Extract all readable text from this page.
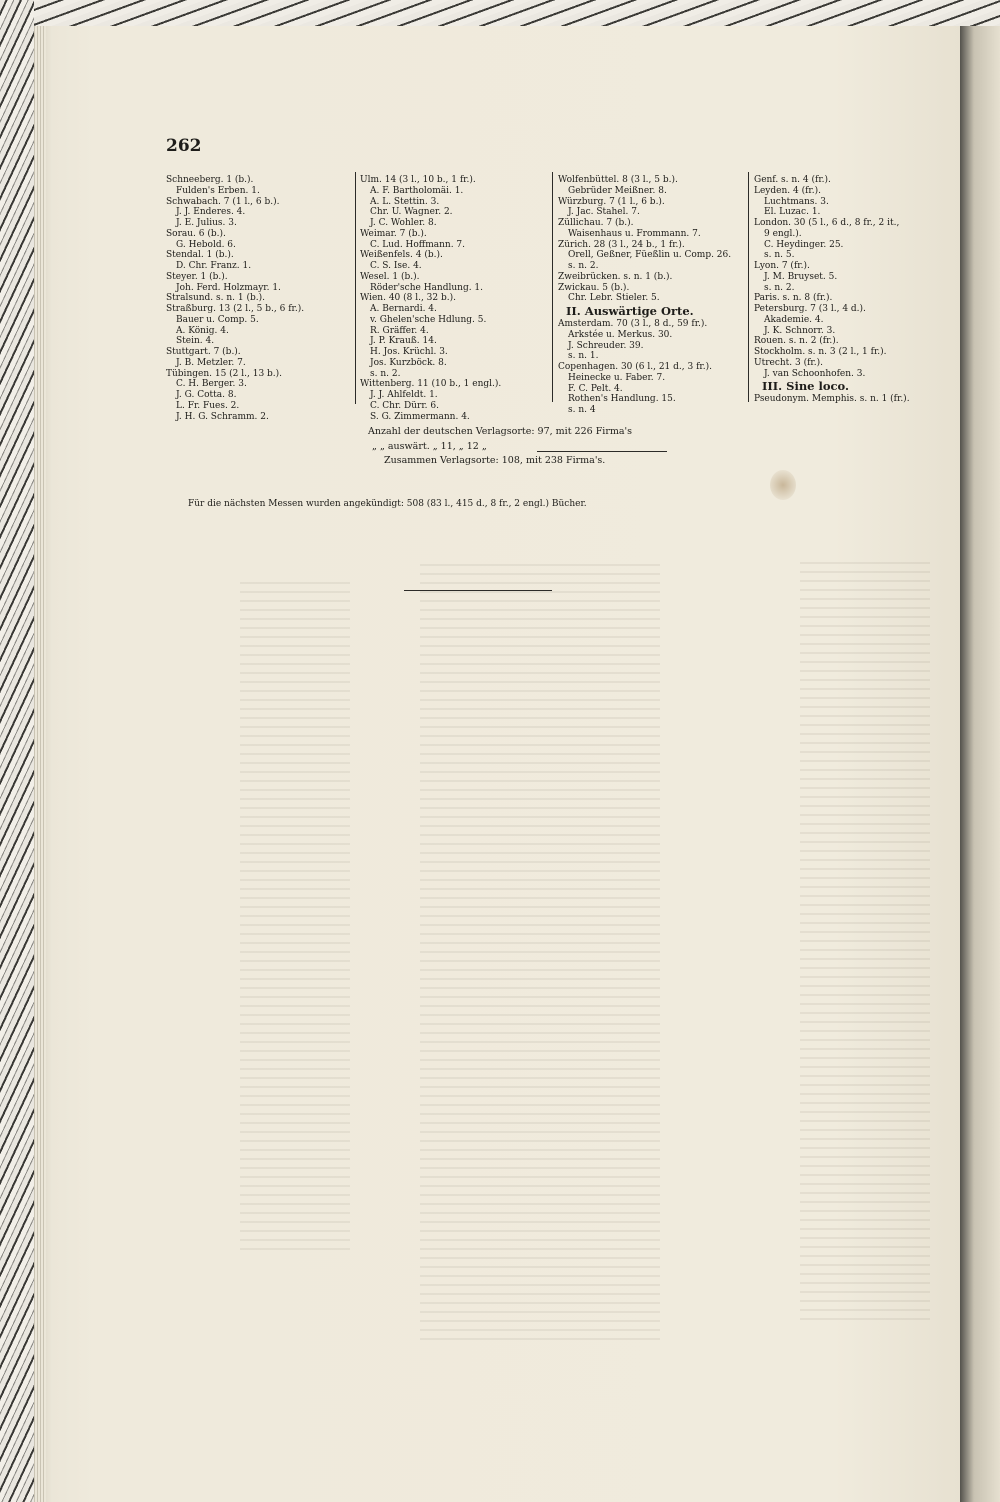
262
Schneeberg. 1 (b.).
Fulden's Erben. 1.
Schwabach. 7 (1 l., 6 b.).
J. J. Enderes. 4.
J. E. Julius. 3.
Sorau. 6 (b.).
G. Hebold. 6.
Stendal. 1 (b.).
D. Chr. Franz. 1.
Steyer. 1 (b.).
Joh. Ferd. Holzmayr. 1.
Stralsund. s. n. 1 (b.).
Straßburg. 13 (2 l., 5 b., 6 fr.).
Bauer u. Comp. 5.
A. König. 4.
Stein. 4.
Stuttgart. 7 (b.).
J. B. Metzler. 7.
Tübingen. 15 (2 l., 13 b.).
C. H. Berger. 3.
J. G. Cotta. 8.
L. Fr. Fues. 2.
J. H. G. Schramm. 2.
Ulm. 14 (3 l., 10 b., 1 fr.).
A. F. Bartholomäi. 1.
A. L. Stettin. 3.
Chr. U. Wagner. 2.
J. C. Wohler. 8.
Weimar. 7 (b.).
C. Lud. Hoffmann. 7.
Weißenfels. 4 (b.).
C. S. Ise. 4.
Wesel. 1 (b.).
Röder'sche Handlung. 1.
Wien. 40 (8 l., 32 b.).
A. Bernardi. 4.
v. Ghelen'sche Hdlung. 5.
R. Gräffer. 4.
J. P. Krauß. 14.
H. Jos. Krüchl. 3.
Jos. Kurzböck. 8.
s. n. 2.
Wittenberg. 11 (10 b., 1 engl.).
J. J. Ahlfeldt. 1.
C. Chr. Dürr. 6.
S. G. Zimmermann. 4.
Wolfenbüttel. 8 (3 l., 5 b.).
Gebrüder Meißner. 8.
Würzburg. 7 (1 l., 6 b.).
J. Jac. Stahel. 7.
Züllichau. 7 (b.).
Waisenhaus u. Frommann. 7.
Zürich. 28 (3 l., 24 b., 1 fr.).
Orell, Geßner, Füeßlin u. Comp. 26.
s. n. 2.
Zweibrücken. s. n. 1 (b.).
Zwickau. 5 (b.).
Chr. Lebr. Stieler. 5.
II. Auswärtige Orte.
Amsterdam. 70 (3 l., 8 d., 59 fr.).
Arkstée u. Merkus. 30.
J. Schreuder. 39.
s. n. 1.
Copenhagen. 30 (6 l., 21 d., 3 fr.).
Heinecke u. Faber. 7.
F. C. Pelt. 4.
Rothen's Handlung. 15.
s. n. 4
Genf. s. n. 4 (fr.).
Leyden. 4 (fr.).
Luchtmans. 3.
El. Luzac. 1.
London. 30 (5 l., 6 d., 8 fr., 2 it.,
9 engl.).
C. Heydinger. 25.
s. n. 5.
Lyon. 7 (fr.).
J. M. Bruyset. 5.
s. n. 2.
Paris. s. n. 8 (fr.).
Petersburg. 7 (3 l., 4 d.).
Akademie. 4.
J. K. Schnorr. 3.
Rouen. s. n. 2 (fr.).
Stockholm. s. n. 3 (2 l., 1 fr.).
Utrecht. 3 (fr.).
J. van Schoonhofen. 3.
III. Sine loco.
Pseudonym. Memphis. s. n. 1 (fr.).
Anzahl der deutschen Verlagsorte: 97, mit 226 Firma's
„ „ auswärt. „ 11, „ 12 „
Zusammen Verlagsorte: 108, mit 238 Firma's.
Für die nächsten Messen wurden angekündigt: 508 (83 l., 415 d., 8 fr., 2 engl.) Bücher.
